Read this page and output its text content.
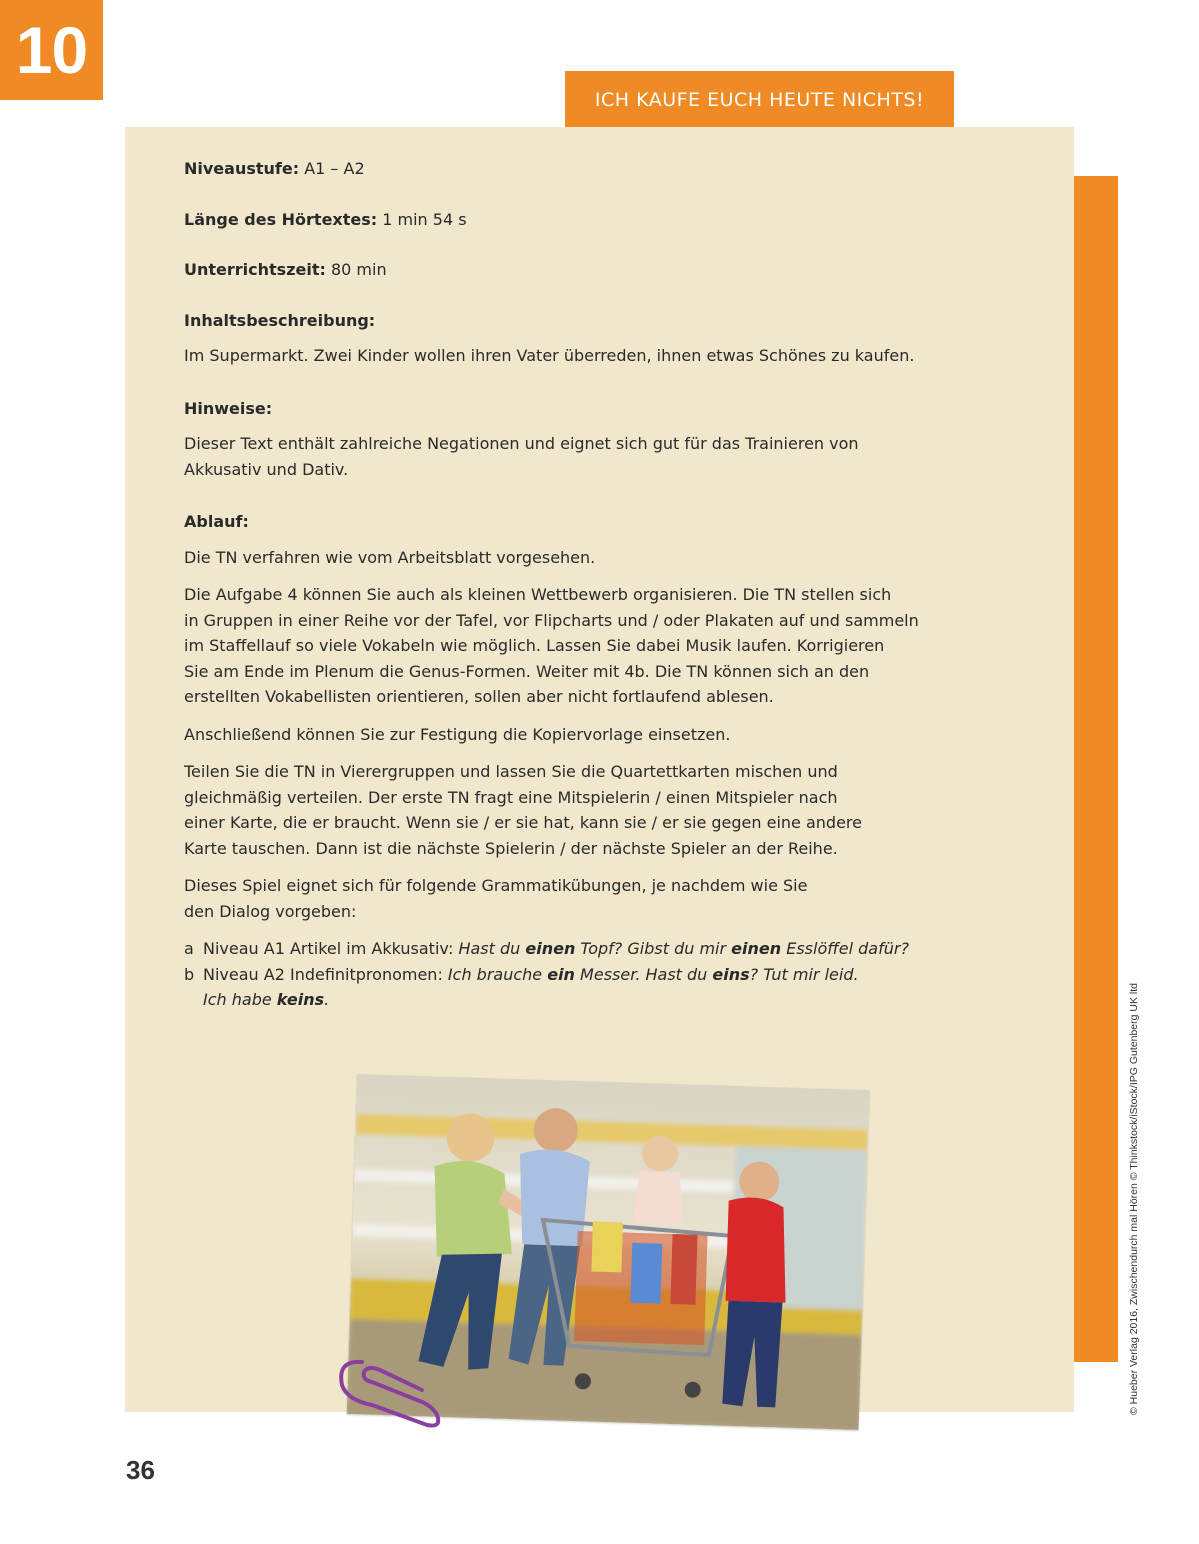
10
ICH KAUFE EUCH HEUTE NICHTS!

Niveaustufe: A1 – A2

Länge des Hörtextes: 1 min 54 s

Unterrichtszeit: 80 min

Inhaltsbeschreibung:

Im Supermarkt. Zwei Kinder wollen ihren Vater überreden, ihnen etwas Schönes zu kaufen.

Hinweise:

Dieser Text enthält zahlreiche Negationen und eignet sich gut für das Trainieren von

Akkusativ und Dativ.

Ablauf:

Die TN verfahren wie vom Arbeitsblatt vorgesehen.

Die Aufgabe 4 können Sie auch als kleinen Wettbewerb organisieren. Die TN stellen sich

in Gruppen in einer Reihe vor der Tafel, vor Flipcharts und / oder Plakaten auf und sammeln

im Staffellauf so viele Vokabeln wie möglich. Lassen Sie dabei Musik laufen. Korrigieren

Sie am Ende im Plenum die Genus-Formen. Weiter mit 4b. Die TN können sich an den

erstellten Vokabellisten orientieren, sollen aber nicht fortlaufend ablesen.

Anschließend können Sie zur Festigung die Kopiervorlage einsetzen.

Teilen Sie die TN in Vierergruppen und lassen Sie die Quartettkarten mischen und

gleichmäßig verteilen. Der erste TN fragt eine Mitspielerin / einen Mitspieler nach

einer Karte, die er braucht. Wenn sie / er sie hat, kann sie / er sie gegen eine andere

Karte tauschen. Dann ist die nächste Spielerin / der nächste Spieler an der Reihe.

Dieses Spiel eignet sich für folgende Grammatikübungen, je nachdem wie Sie

den Dialog vorgeben:

a Niveau A1 Artikel im Akkusativ: Hast du einen Topf? Gibst du mir einen Esslöffel dafür?
b Niveau A2 Indefinitpronomen: Ich brauche ein Messer. Hast du eins? Tut mir leid.
Ich habe keins.	© Hueber Verlag 2016, Zwischendurch mal Hören © Thinkstock/iStock/IPG Gutenberg UK ltd
36
